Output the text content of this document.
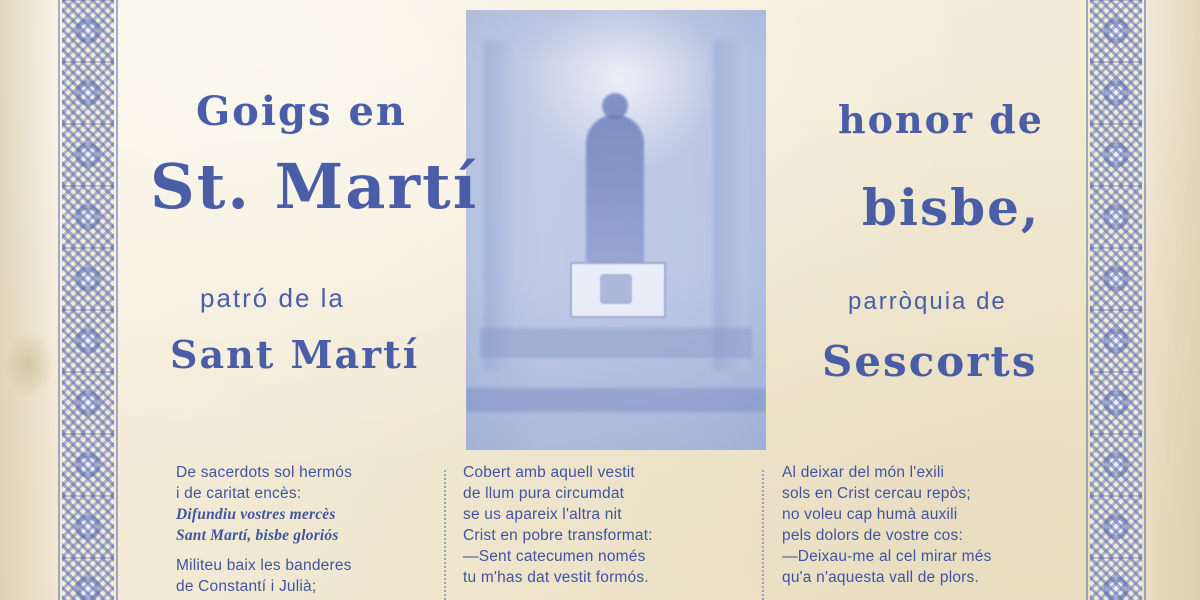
Goigs en
St. Martí
patró de la
Sant Martí
honor de
bisbe,
parròquia de
Sescorts
De sacerdots sol hermós
i de caritat encès:
Difundiu vostres mercès
Sant Martí, bisbe gloriós
Militeu baix les banderes
de Constantí i Julià;
Cobert amb aquell vestit
de llum pura circumdat
se us apareix l'altra nit
Crist en pobre transformat:
—Sent catecumen només
tu m'has dat vestit formós.
Al deixar del món l'exili
sols en Crist cercau repòs;
no voleu cap humà auxili
pels dolors de vostre cos:
—Deixau-me al cel mirar més
qu'a n'aquesta vall de plors.
